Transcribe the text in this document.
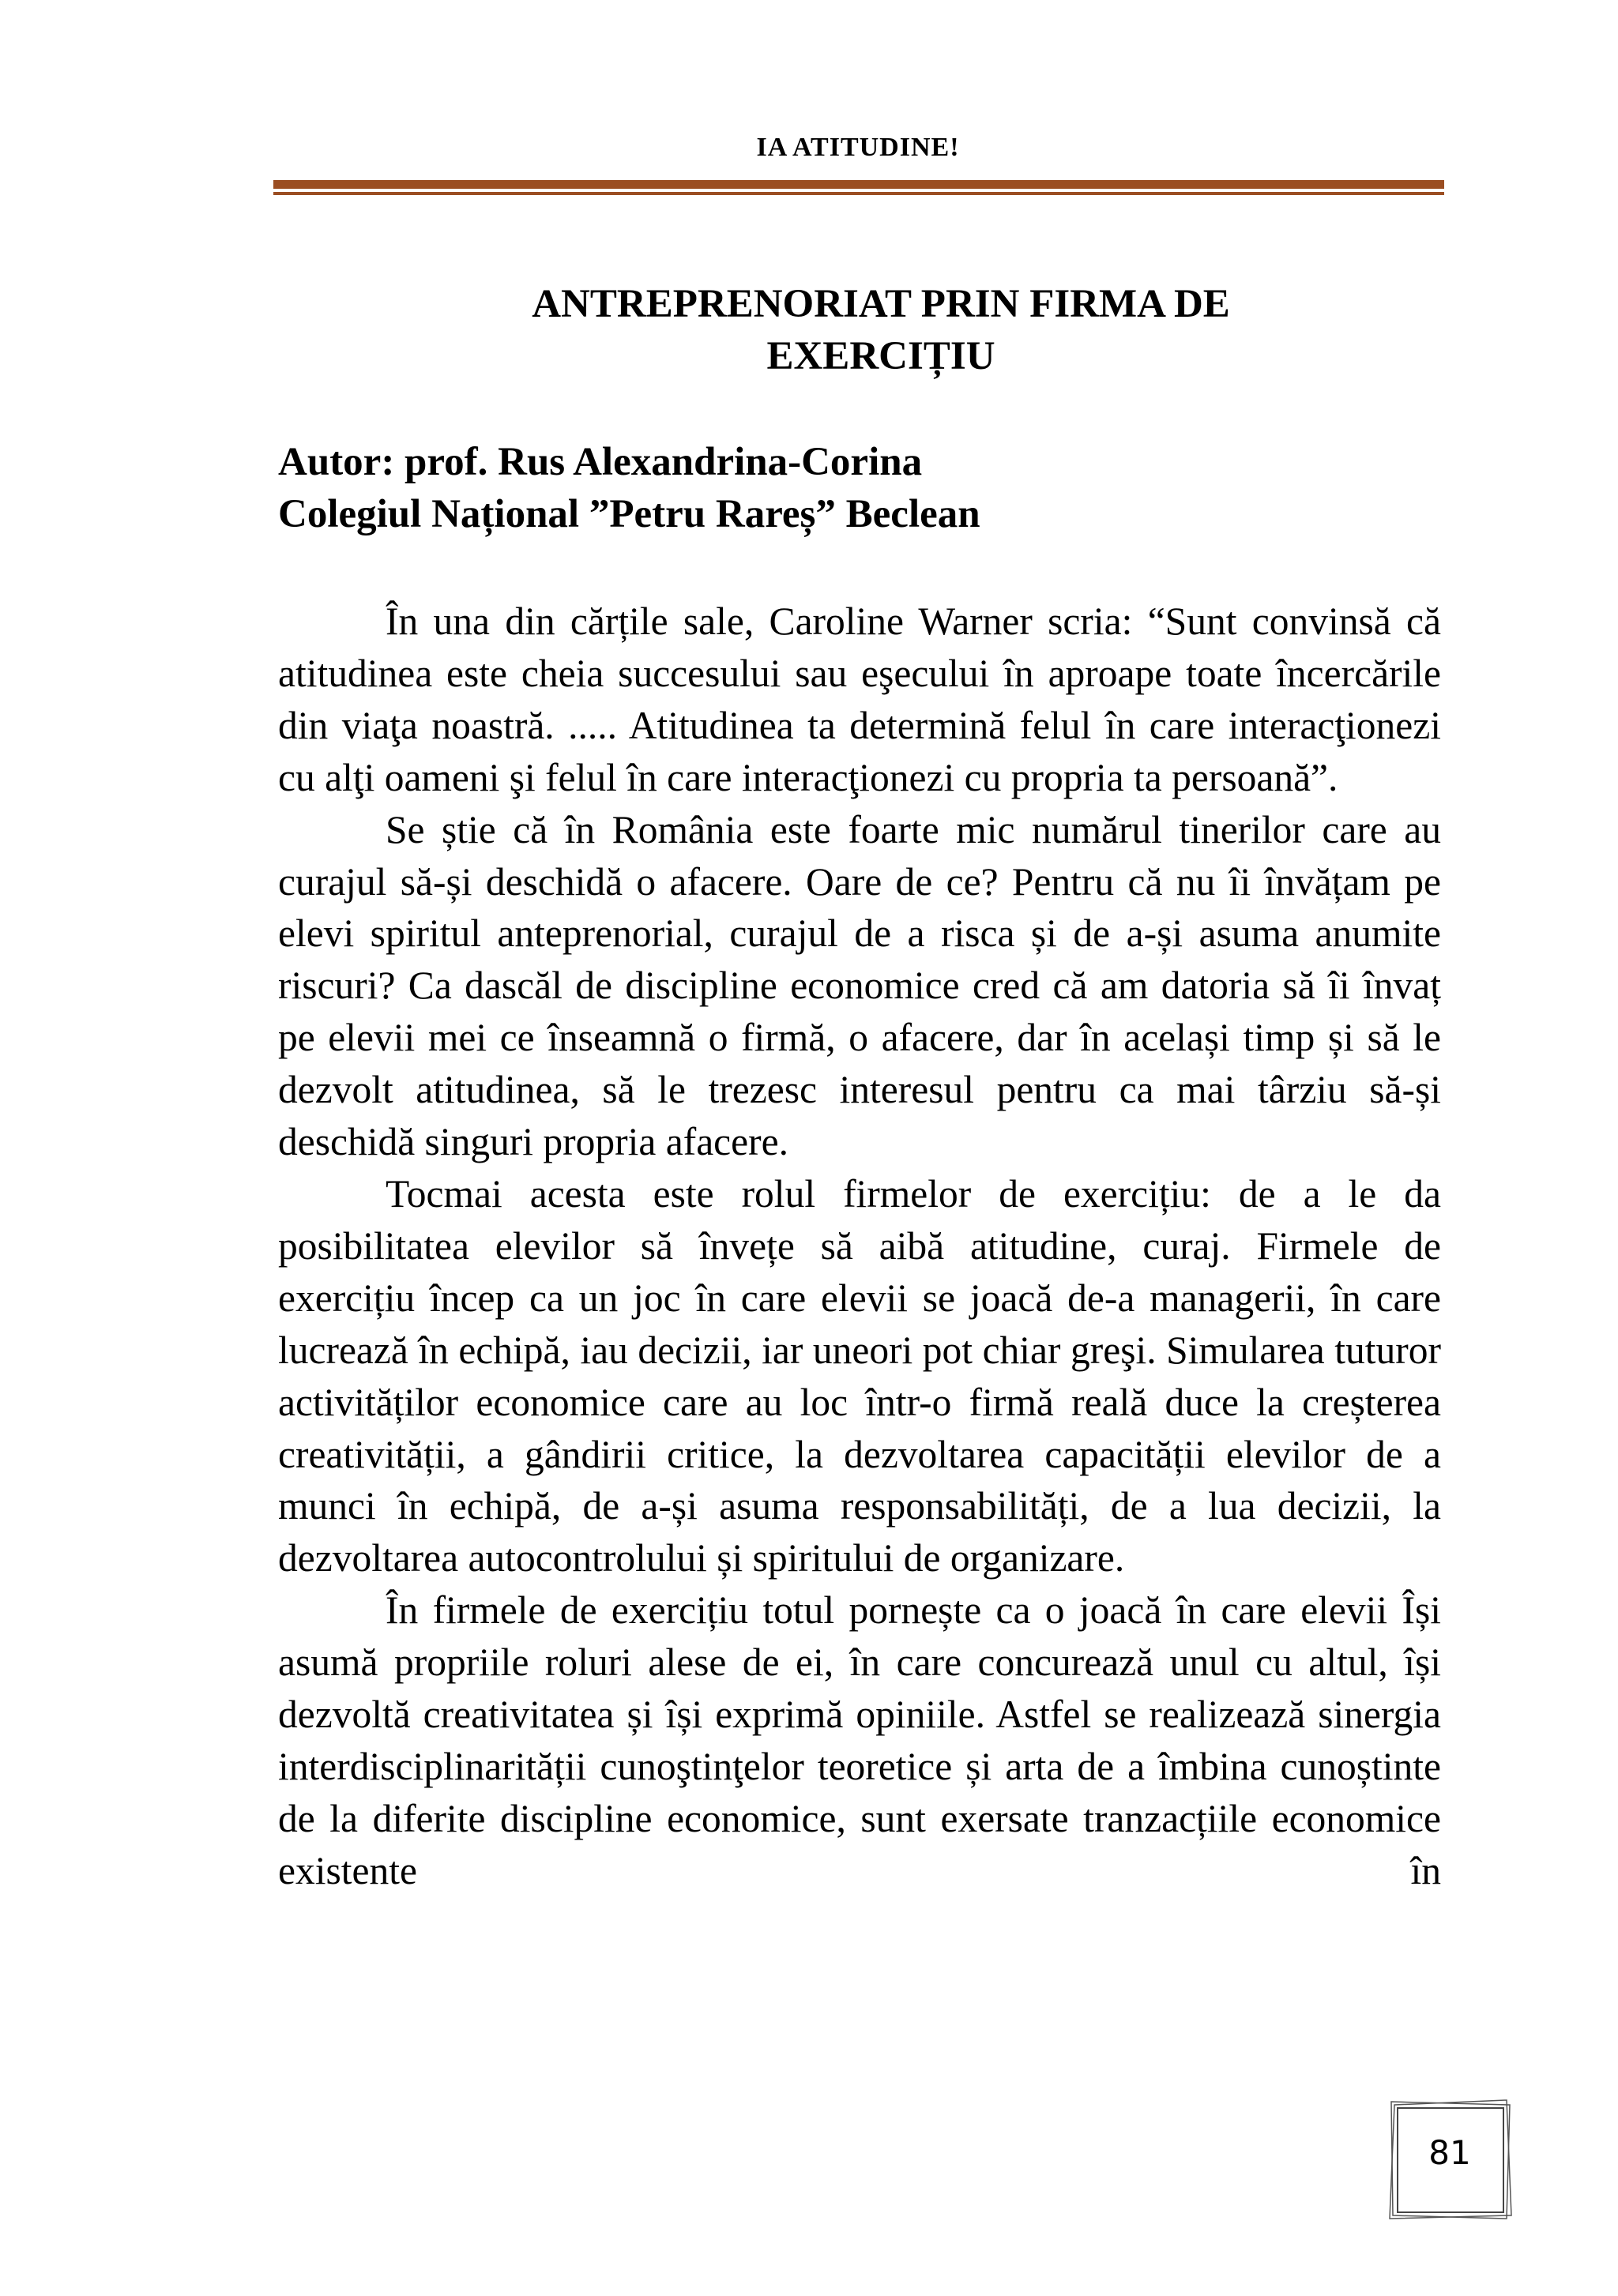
IA ATITUDINE!
ANTREPRENORIAT PRIN FIRMA DE
EXERCIȚIU
Autor: prof. Rus Alexandrina-Corina
Colegiul Național ”Petru Rareș” Beclean

În una din cărțile sale, Caroline Warner scria: “Sunt convinsă că atitudinea este cheia succesului sau eşecului în aproape toate încercările din viaţa noastră. ..... Atitudinea ta determină felul în care interacţionezi cu alţi oameni şi felul în care interacţionezi cu propria ta persoană”.

Se știe că în România este foarte mic numărul tinerilor care au curajul să-și deschidă o afacere. Oare de ce? Pentru că nu îi învățam pe elevi spiritul anteprenorial, curajul de a risca și de a-și asuma anumite riscuri? Ca dascăl de discipline economice cred că am datoria să îi învaț pe elevii mei ce înseamnă o firmă, o afacere, dar în același timp și să le dezvolt atitudinea, să le trezesc interesul pentru ca mai târziu să-și deschidă singuri propria afacere.

Tocmai acesta este rolul firmelor de exercițiu: de a le da posibilitatea elevilor să învețe să aibă atitudine, curaj. Firmele de exercițiu încep ca un joc în care elevii se joacă de-a managerii, în care lucrează în echipă, iau decizii, iar uneori pot chiar greşi. Simularea tuturor activităților economice care au loc într-o firmă reală duce la creșterea creativității, a gândirii critice, la dezvoltarea capacității elevilor de a munci în echipă, de a-și asuma responsabilități, de a lua decizii, la dezvoltarea autocontrolului și spiritului de organizare.

În firmele de exercițiu totul pornește ca o joacă în care elevii Își asumă propriile roluri alese de ei, în care concurează unul cu altul, își dezvoltă creativitatea și își exprimă opiniile. Astfel se realizează sinergia interdisciplinarității cunoştinţelor teoretice și arta de a îmbina cunoștinte de la diferite discipline economice, sunt exersate tranzacțiile economice existente în

81
